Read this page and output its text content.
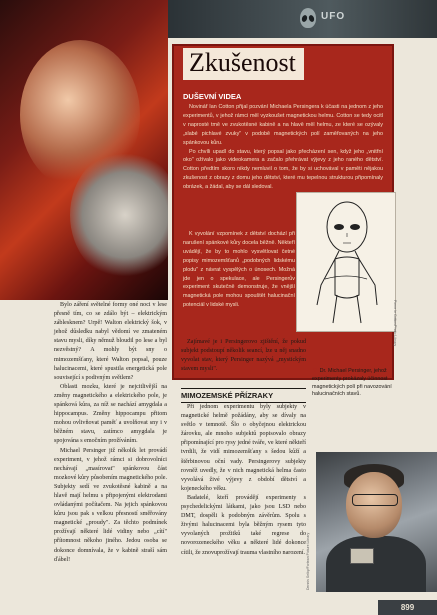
UFO
Zkušenost
DUŠEVNÍ VIDEA

Novinář Ian Cotton přijal pozvání Michaela Persingera k účasti na jednom z jeho experimentů, v jehož rámci měl vyzkoušet magnetickou helmu. Cotton se tedy ocitl v naprosté tmě ve zvukotěsné kabině a na hlavě měl helmu, ze které se ozývaly „slabé pichlavé zvuky" v podobě magnetických polí zaměřovaných na jeho spánkovou kůru.

Po chvíli upadl do stavu, který popsal jako přecházení sen, když jeho „vnitřní oko" ožívalo jako videokamera a začalo přehrávat výjevy z jeho raného dětství. Cotton předtím skoro nikdy nemluvil o tom, že by si uchovával v paměti nějakou zkušenost z obrazy z domu jeho dětství, které mu tepelnou strukturou připomínaly obrázek, a žádal, aby se dál sledoval.

K vyvolání vzpomínek z dětství dochází při narušení spánkové kůry docela běžně. Někteří uvádějí, že by to mohlo vysvětlovat četné popisy mimozemšťanů „podobných lidskému plodu" z návrat vyspělých o únosech. Možná jde jen o spekulace, ale Persingerův experiment skutečně demonstruje, že vnější magnetická pole mohou spouštět halucinační potenciál v lidské mysli.	Pierre le Cotton/Photo Library

Bylo záření světelné formy oné noci v lese přesně tím, co se zdálo být – elektrickým záblesknem? Urpě! Walton elektrický šok, v jehož důsledku nabyl vědomí ve zmateném stavu mysli, díky němuž bloudil po lese a byl nezvěstný? A mohly být sny o mimozemšťany, které Walton popsal, pouze halucinacemi, které spustila energetická pole související s podivným světlem?

Oblasti mozku, které je nejcitlivější na změny magnetického a elektrického pole, je spánková kůra, za níž se nachází amygdala a hippocampus. Změny hippocampu přitom mohou ovlivňovat paměť a uvolňovat sny i v běžném stavu, zatímco amygdala je spojována s emočním prožíváním.

Michael Persinger již několik let provádí experiment, v jehož rámci si dobrovolníci nechávají „masírovat" spánkovou část mozkové kůry působením magnetického pole. Subjekty sedí ve zvukotěsné kabině a na hlavě mají helmu s připojenými elektrodami ovládanými počítačem. Na jejich spánkovou kůru jsou pak s velkou přesností směřovány magnetické „proudy". Za těchto podmínek prožívají některé lidé vidiny nebo „cítí" přítomnost někoho jiného. Jedou osoba se dokonce domnívala, že v kabině straší sám ďábel!

Zajímavé je i Persingerovo zjištění, že pokud subjekt podstoupí několik seancí, lze u něj snadno vyvolat stav, který Persinger nazývá „mystickým stavem mysli".

MIMOZEMSKÉ PŘÍZRAKY

Při jednom experimentu byly subjekty v magnetické helmě požádány, aby se dívaly na světlo v temnotě. Šlo o obyčejnou elektrickou žárovku, ale mnoho subjektů popisovalo obrazy připomínající pro rysy jedné tváře, ve které někteří tvrdili, že vidí mimozemšťany s šedou kůží a štěrbinovou oční vady. Persingerovy subjekty rovněž uvedly, že v nich magnetická helma často vyvolává živé výjevy z období dětství a kojeneckého věku.

Badatelé, kteří provádějí experimenty s psychedelickými látkami, jako jsou LSD nebo DMT, dospěli k podobným závěrům. Spolu s živými halucinacemi byla běžným rysem tyto vyvolaných prožitků také regrese do novorozeneckého věku a některé lidé dokonce cítili, že znovuprožívají trauma vlastního narození.

▼ Dr. Michael Persinger, jehož experimenty prokázaly účinnost magnetických polí při navozování halucinačních stavů.
Dennis Selby/Fortean Picture Library
899
